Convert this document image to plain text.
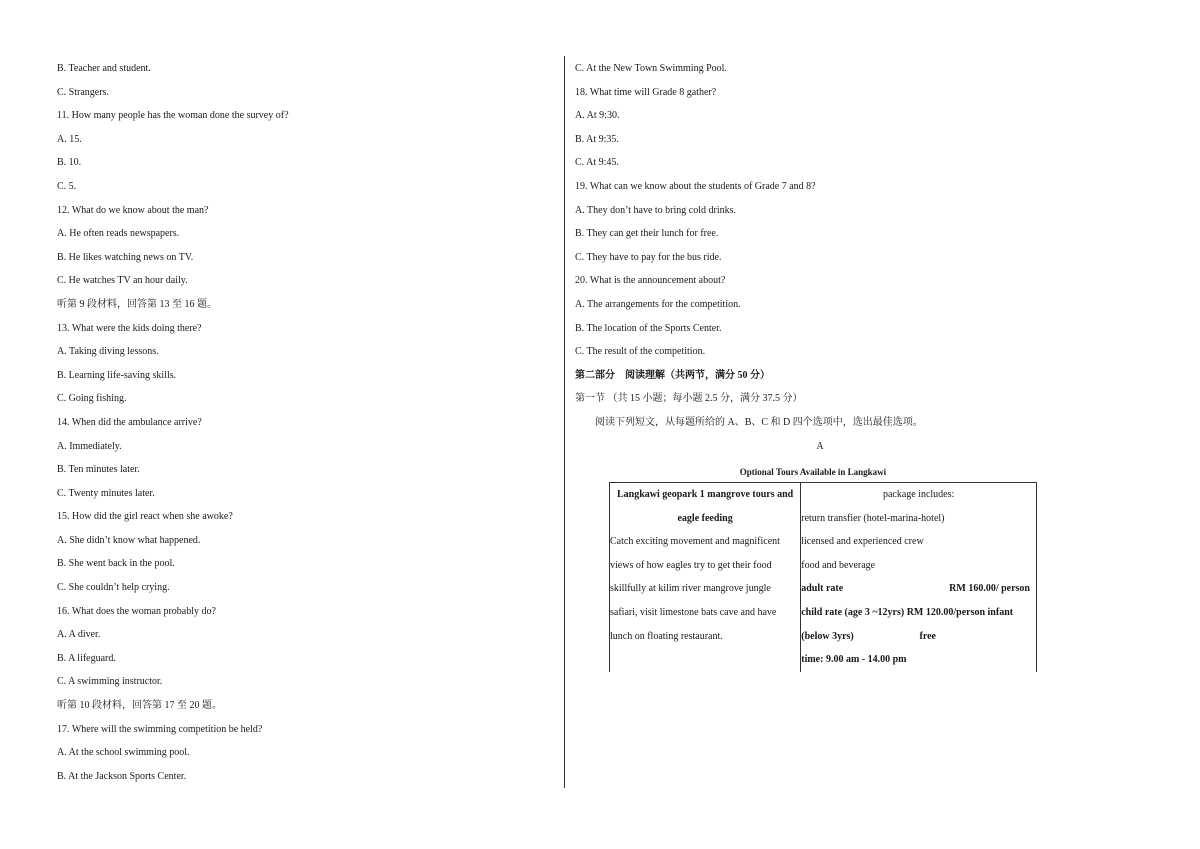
B. Teacher and student.
C. Strangers.
11. How many people has the woman done the survey of?
A. 15.
B. 10.
C. 5.
12. What do we know about the man?
A. He often reads newspapers.
B. He likes watching news on TV.
C. He watches TV an hour daily.
听第 9 段材料，回答第 13 至 16 题。
13. What were the kids doing there?
A. Taking diving lessons.
B. Learning life-saving skills.
C. Going fishing.
14. When did the ambulance arrive?
A. Immediately.
B. Ten minutes later.
C. Twenty minutes later.
15. How did the girl react when she awoke?
A. She didn’t know what happened.
B. She went back in the pool.
C. She couldn’t help crying.
16. What does the woman probably do?
A. A diver.
B. A lifeguard.
C. A swimming instructor.
听第 10 段材料，回答第 17 至 20 题。
17. Where will the swimming competition be held?
A. At the school swimming pool.
B. At the Jackson Sports Center.
C. At the New Town Swimming Pool.
18. What time will Grade 8 gather?
A. At 9:30.
B. At 9:35.
C. At 9:45.
19. What can we know about the students of Grade 7 and 8?
A. They don’t have to bring cold drinks.
B. They can get their lunch for free.
C. They have to pay for the bus ride.
20. What is the announcement about?
A. The arrangements for the competition.
B. The location of the Sports Center.
C. The result of the competition.
第二部分　阅读理解（共两节，满分 50 分）
第一节 （共 15 小题；每小题 2.5 分，满分 37.5 分）
阅读下列短文，从每题所给的 A、B、C 和 D 四个选项中，选出最佳选项。
A
Optional Tours Available in Langkawi
Langkawi geopark 1 mangrove tours and
eagle feeding
Catch exciting movement and magnificent
views of how eagles try to get their food
skillfully at kilim river mangrove jungle
safiari, visit limestone bats cave and have
lunch on floating restaurant.

package includes:
return transfier (hotel-marina-hotel)
licensed and experienced crew
food and beverage
adult rate	RM 160.00/ person
child rate (age 3 ~12yrs) RM 120.00/person infant
(below 3yrs)	free
time: 9.00 am - 14.00 pm
